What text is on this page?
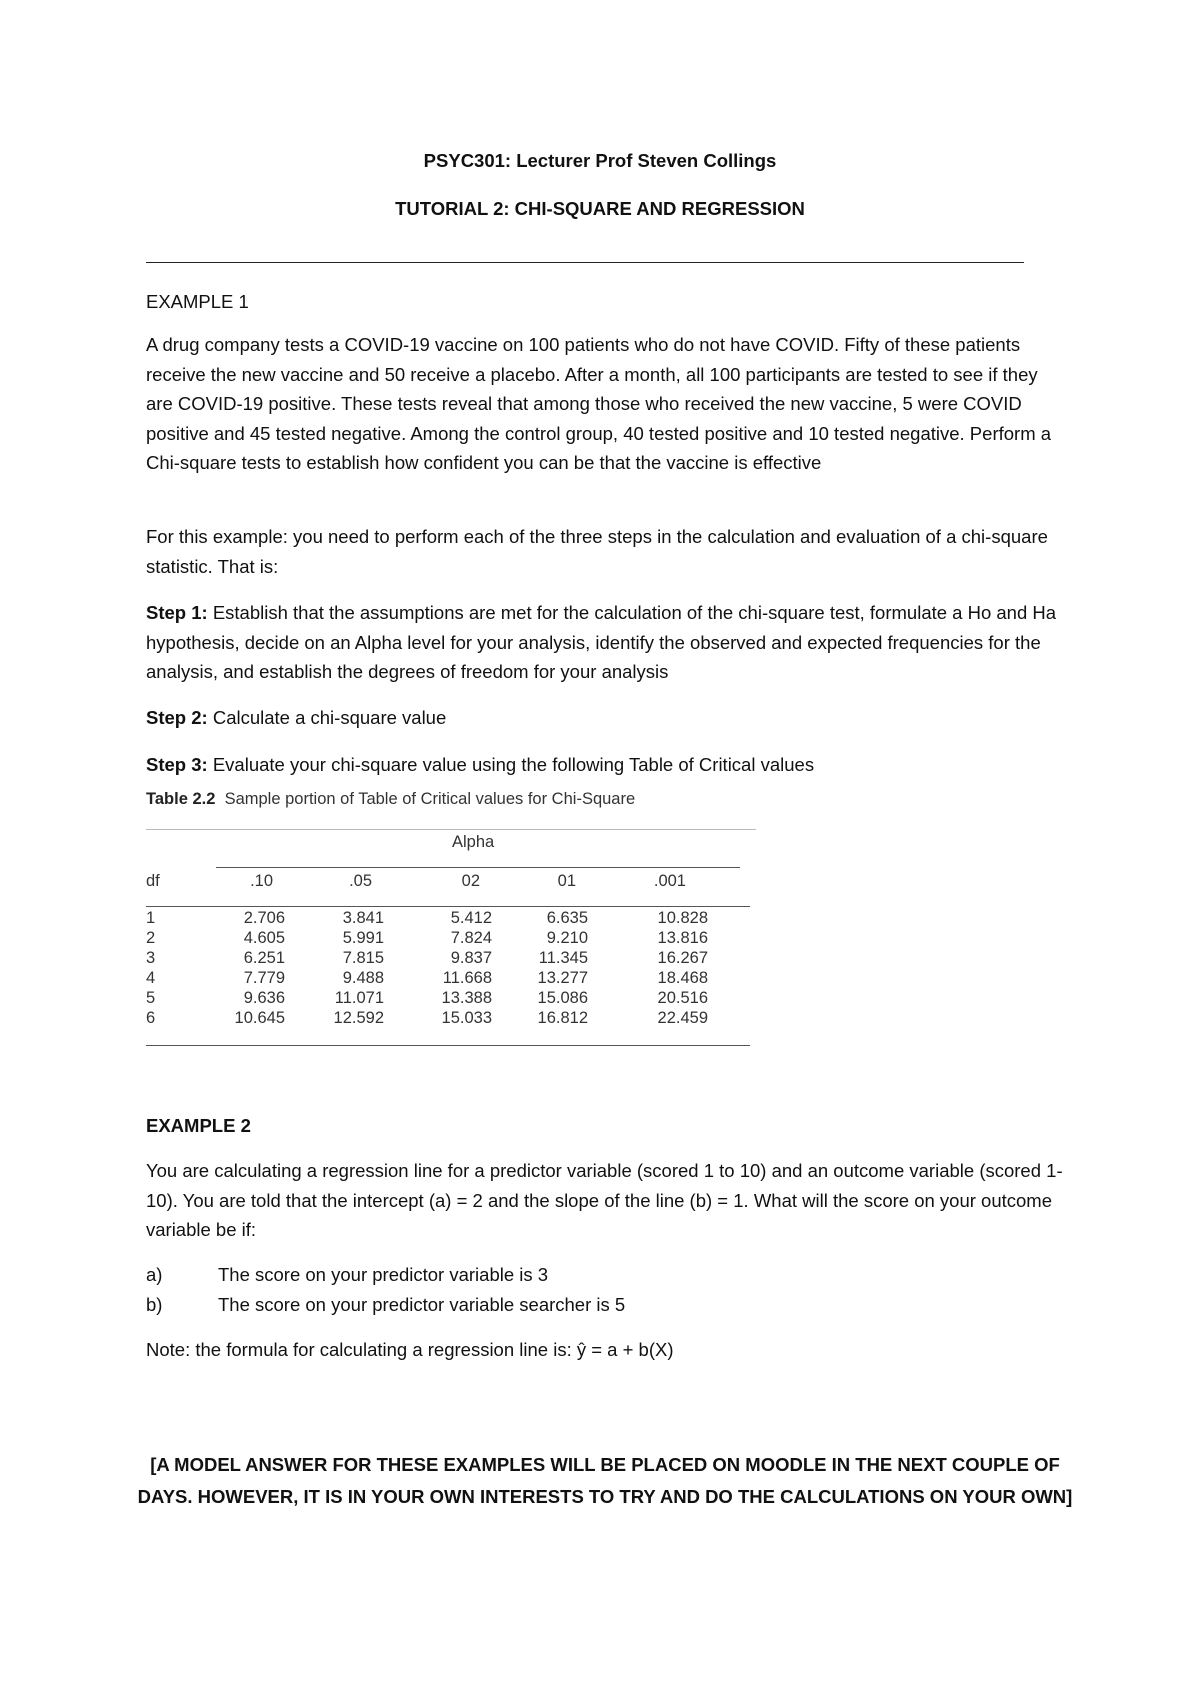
PSYC301: Lecturer Prof Steven Collings

TUTORIAL 2: CHI-SQUARE AND REGRESSION

EXAMPLE 1

A drug company tests a COVID-19 vaccine on 100 patients who do not have COVID. Fifty of these patients receive the new vaccine and 50 receive a placebo. After a month, all 100 participants are tested to see if they are COVID-19 positive. These tests reveal that among those who received the new vaccine, 5 were COVID positive and 45 tested negative. Among the control group, 40 tested positive and 10 tested negative. Perform a Chi-square tests to establish how confident you can be that the vaccine is effective

For this example: you need to perform each of the three steps in the calculation and evaluation of a chi-square statistic. That is:

Step 1: Establish that the assumptions are met for the calculation of the chi-square test, formulate a Ho and Ha hypothesis, decide on an Alpha level for your analysis, identify the observed and expected frequencies for the analysis, and establish the degrees of freedom for your analysis

Step 2: Calculate a chi-square value

Step 3: Evaluate your chi-square value using the following Table of Critical values

Table 2.2 Sample portion of Table of Critical values for Chi-Square
Alpha
df	.10	.05	02	01	.001
1	2.706	3.841	5.412	6.635	10.828
2	4.605	5.991	7.824	9.210	13.816
3	6.251	7.815	9.837	11.345	16.267
4	7.779	9.488	11.668	13.277	18.468
5	9.636	11.071	13.388	15.086	20.516
6	10.645	12.592	15.033	16.812	22.459

EXAMPLE 2

You are calculating a regression line for a predictor variable (scored 1 to 10) and an outcome variable (scored 1-10). You are told that the intercept (a) = 2 and the slope of the line (b) = 1. What will the score on your outcome variable be if:

a)	The score on your predictor variable is 3
b)	The score on your predictor variable searcher is 5

Note: the formula for calculating a regression line is: ŷ = a + b(X)

[A MODEL ANSWER FOR THESE EXAMPLES WILL BE PLACED ON MOODLE IN THE NEXT COUPLE OF DAYS. HOWEVER, IT IS IN YOUR OWN INTERESTS TO TRY AND DO THE CALCULATIONS ON YOUR OWN]
